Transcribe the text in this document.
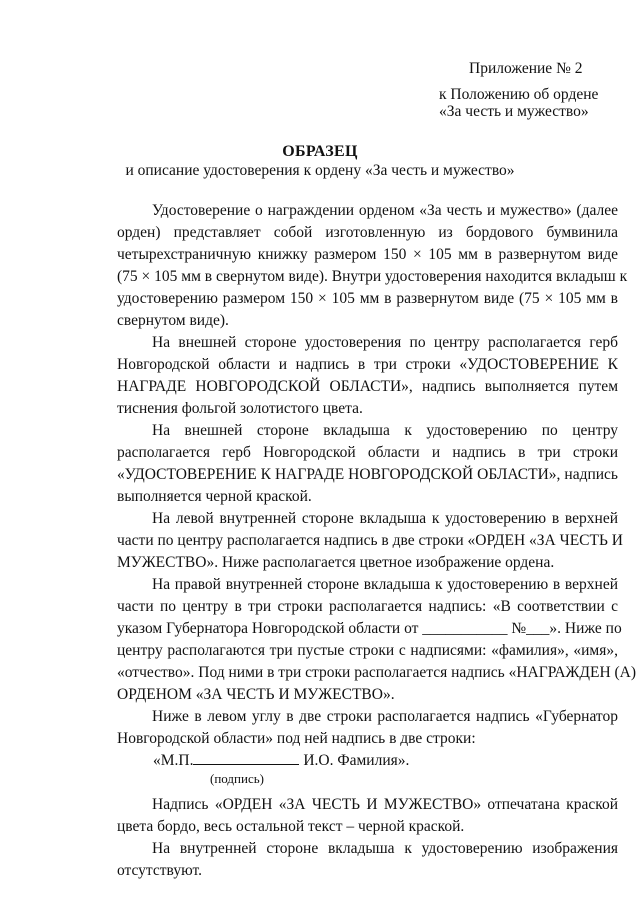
Приложение № 2
к Положению об ордене
«За честь и мужество»
ОБРАЗЕЦ
и описание удостоверения к ордену «За честь и мужество»

Удостоверение о награждении орденом «За честь и мужество» (далее
орден) представляет собой изготовленную из бордового бумвинила
четырехстраничную книжку размером 150 × 105 мм в развернутом виде
(75 × 105 мм в свернутом виде). Внутри удостоверения находится вкладыш к
удостоверению размером 150 × 105 мм в развернутом виде (75 × 105 мм в
свернутом виде).

На внешней стороне удостоверения по центру располагается герб
Новгородской области и надпись в три строки «УДОСТОВЕРЕНИЕ К
НАГРАДЕ НОВГОРОДСКОЙ ОБЛАСТИ», надпись выполняется путем
тиснения фольгой золотистого цвета.

На внешней стороне вкладыша к удостоверению по центру
располагается герб Новгородской области и надпись в три строки
«УДОСТОВЕРЕНИЕ К НАГРАДЕ НОВГОРОДСКОЙ ОБЛАСТИ», надпись
выполняется черной краской.

На левой внутренней стороне вкладыша к удостоверению в верхней
части по центру располагается надпись в две строки «ОРДЕН «ЗА ЧЕСТЬ И
МУЖЕСТВО». Ниже располагается цветное изображение ордена.

На правой внутренней стороне вкладыша к удостоверению в верхней
части по центру в три строки располагается надпись: «В соответствии с
указом Губернатора Новгородской области от ___________ №___». Ниже по
центру располагаются три пустые строки с надписями: «фамилия», «имя»,
«отчество». Под ними в три строки располагается надпись «НАГРАЖДЕН (А)
ОРДЕНОМ «ЗА ЧЕСТЬ И МУЖЕСТВО».

Ниже в левом углу в две строки располагается надпись «Губернатор
Новгородской области» под ней надпись в две строки:

«М.П.	И.О. Фамилия».
(подпись)

Надпись «ОРДЕН «ЗА ЧЕСТЬ И МУЖЕСТВО» отпечатана краской
цвета бордо, весь остальной текст – черной краской.

На внутренней стороне вкладыша к удостоверению изображения
отсутствуют.
